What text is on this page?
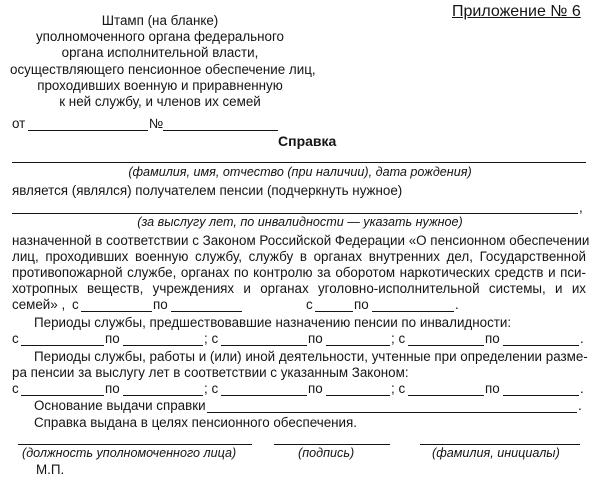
Приложение № 6
Штамп (на бланке)
уполномоченного органа федерального
органа исполнительной власти,
осуществляющего пенсионное обеспечение лиц,
проходивших военную и приравненную
к ней службу, и членов их семей
от	№
Справка
(фамилия, имя, отчество (при наличии), дата рождения)
является (являлся) получателем пенсии (подчеркнуть нужное)
,
(за выслугу лет, по инвалидности — указать нужное)
назначенной в соответствии с Законом Российской Федерации «О пенсионном обеспечении
лиц, проходивших военную службу, службу в органах внутренних дел, Государственной
противопожарной службе, органах по контролю за оборотом наркотических средств и пси-
хотропных веществ, учреждениях и органах уголовно-исполнительной системы, и их
семей» , с	по	с	по	.
Периоды службы, предшествовавшие назначению пенсии по инвалидности:
с	по	; с	по	; с	по	.
Периоды службы, работы и (или) иной деятельности, учтенные при определении разме-
ра пенсии за выслугу лет в соответствии с указанным Законом:
с	по	; с	по	; с	по	.
Основание выдачи справки	.
Справка выдана в целях пенсионного обеспечения.
(должность уполномоченного лица)	(подпись)	(фамилия, инициалы)
М.П.
